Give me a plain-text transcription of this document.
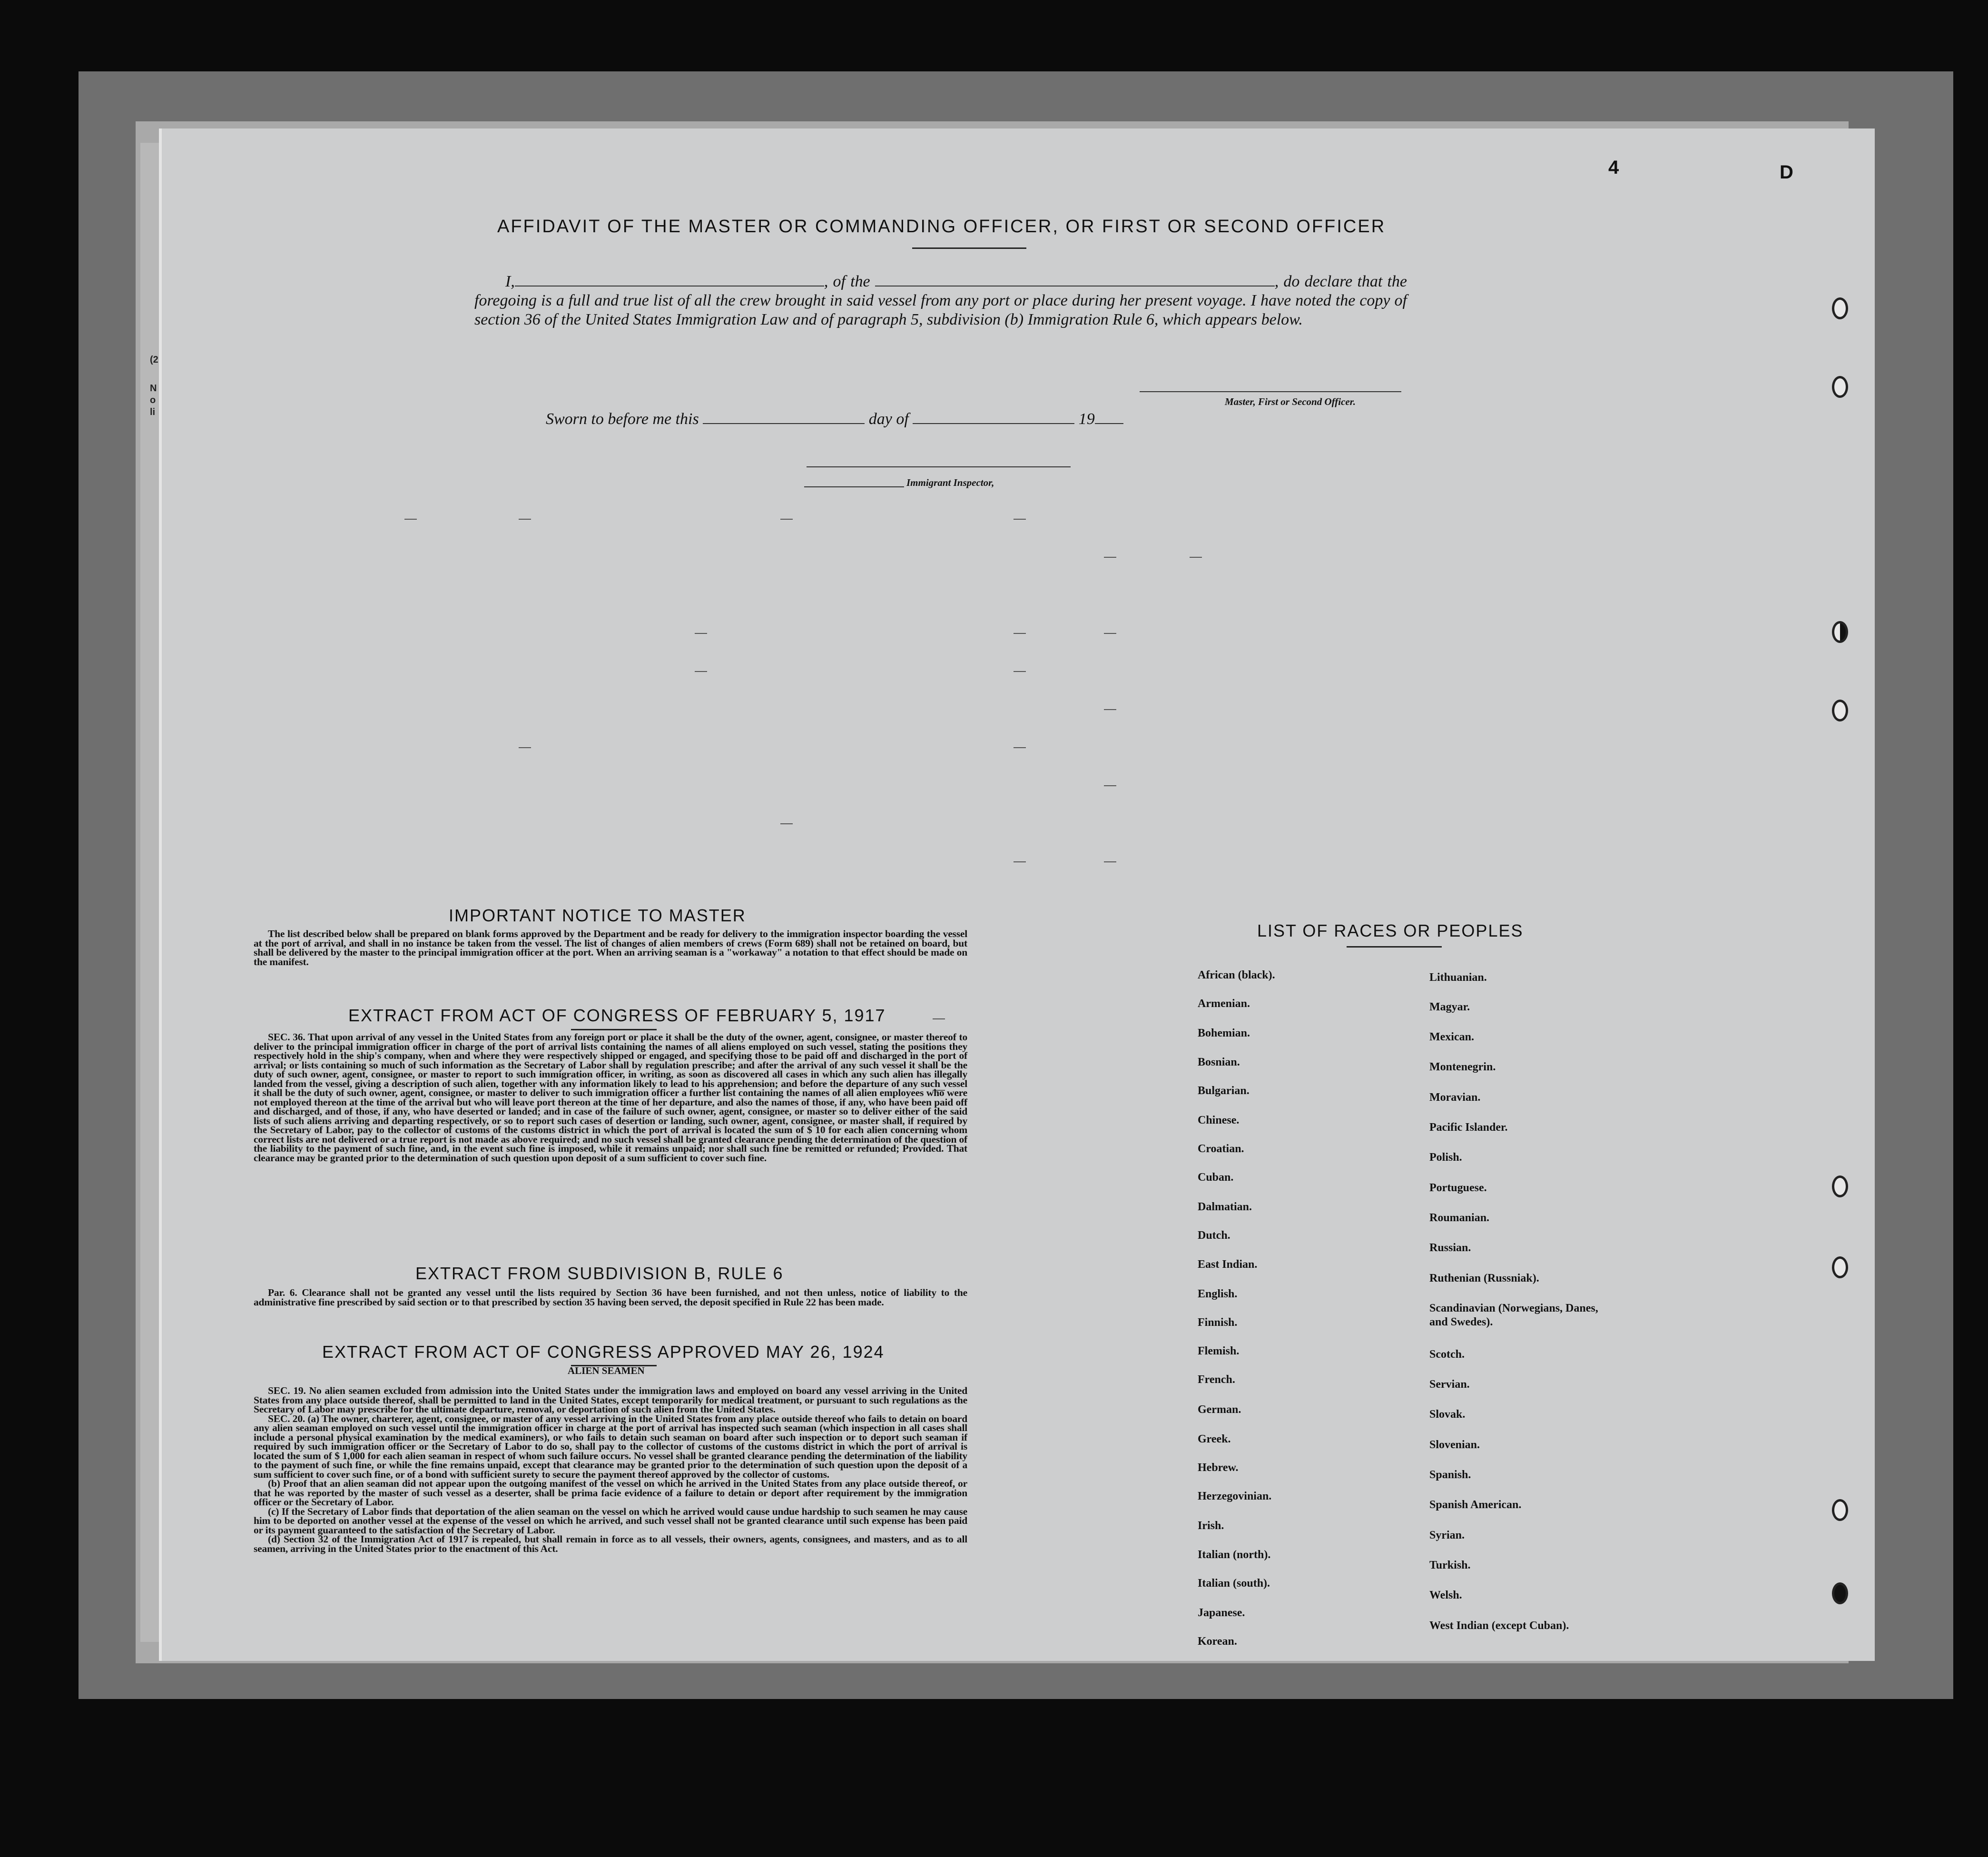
(2
N
o
li
4	D
AFFIDAVIT OF THE MASTER OR COMMANDING OFFICER, OR FIRST OR SECOND OFFICER
I,	, of the	, do declare that the foregoing is a full and true list of all the crew brought in said vessel from any port or place during her present voyage. I have noted the copy of section 36 of the United States Immigration Law and of paragraph 5, subdivision (b) Immigration Rule 6, which appears below.
Master, First or Second Officer.
Sworn to before me this	day of	19
Immigrant Inspector,
IMPORTANT NOTICE TO MASTER

The list described below shall be prepared on blank forms approved by the Department and be ready for delivery to the immigration inspector boarding the vessel at the port of arrival, and shall in no instance be taken from the vessel. The list of changes of alien members of crews (Form 689) shall not be retained on board, but shall be delivered by the master to the principal immigration officer at the port. When an arriving seaman is a "workaway" a notation to that effect should be made on the manifest.

EXTRACT FROM ACT OF CONGRESS OF FEBRUARY 5, 1917

SEC. 36. That upon arrival of any vessel in the United States from any foreign port or place it shall be the duty of the owner, agent, consignee, or master thereof to deliver to the principal immigration officer in charge of the port of arrival lists containing the names of all aliens employed on such vessel, stating the positions they respectively hold in the ship's company, when and where they were respectively shipped or engaged, and specifying those to be paid off and discharged in the port of arrival; or lists containing so much of such information as the Secretary of Labor shall by regulation prescribe; and after the arrival of any such vessel it shall be the duty of such owner, agent, consignee, or master to report to such immigration officer, in writing, as soon as discovered all cases in which any such alien has illegally landed from the vessel, giving a description of such alien, together with any information likely to lead to his apprehension; and before the departure of any such vessel it shall be the duty of such owner, agent, consignee, or master to deliver to such immigration officer a further list containing the names of all alien employees who were not employed thereon at the time of the arrival but who will leave port thereon at the time of her departure, and also the names of those, if any, who have been paid off and discharged, and of those, if any, who have deserted or landed; and in case of the failure of such owner, agent, consignee, or master so to deliver either of the said lists of such aliens arriving and departing respectively, or so to report such cases of desertion or landing, such owner, agent, consignee, or master shall, if required by the Secretary of Labor, pay to the collector of customs of the customs district in which the port of arrival is located the sum of $ 10 for each alien concerning whom correct lists are not delivered or a true report is not made as above required; and no such vessel shall be granted clearance pending the determination of the question of the liability to the payment of such fine, and, in the event such fine is imposed, while it remains unpaid; nor shall such fine be remitted or refunded; Provided. That clearance may be granted prior to the determination of such question upon deposit of a sum sufficient to cover such fine.

EXTRACT FROM SUBDIVISION B, RULE 6

Par. 6. Clearance shall not be granted any vessel until the lists required by Section 36 have been furnished, and not then unless, notice of liability to the administrative fine prescribed by said section or to that prescribed by section 35 having been served, the deposit specified in Rule 22 has been made.

EXTRACT FROM ACT OF CONGRESS APPROVED MAY 26, 1924
ALIEN SEAMEN

SEC. 19. No alien seamen excluded from admission into the United States under the immigration laws and employed on board any vessel arriving in the United States from any place outside thereof, shall be permitted to land in the United States, except temporarily for medical treatment, or pursuant to such regulations as the Secretary of Labor may prescribe for the ultimate departure, removal, or deportation of such alien from the United States.

SEC. 20. (a) The owner, charterer, agent, consignee, or master of any vessel arriving in the United States from any place outside thereof who fails to detain on board any alien seaman employed on such vessel until the immigration officer in charge at the port of arrival has inspected such seaman (which inspection in all cases shall include a personal physical examination by the medical examiners), or who fails to detain such seaman on board after such inspection or to deport such seaman if required by such immigration officer or the Secretary of Labor to do so, shall pay to the collector of customs of the customs district in which the port of arrival is located the sum of $ 1,000 for each alien seaman in respect of whom such failure occurs. No vessel shall be granted clearance pending the determination of the liability to the payment of such fine, or while the fine remains unpaid, except that clearance may be granted prior to the determination of such question upon the deposit of a sum sufficient to cover such fine, or of a bond with sufficient surety to secure the payment thereof approved by the collector of customs.

(b) Proof that an alien seaman did not appear upon the outgoing manifest of the vessel on which he arrived in the United States from any place outside thereof, or that he was reported by the master of such vessel as a deserter, shall be prima facie evidence of a failure to detain or deport after requirement by the immigration officer or the Secretary of Labor.

(c) If the Secretary of Labor finds that deportation of the alien seaman on the vessel on which he arrived would cause undue hardship to such seamen he may cause him to be deported on another vessel at the expense of the vessel on which he arrived, and such vessel shall not be granted clearance until such expense has been paid or its payment guaranteed to the satisfaction of the Secretary of Labor.

(d) Section 32 of the Immigration Act of 1917 is repealed, but shall remain in force as to all vessels, their owners, agents, consignees, and masters, and as to all seamen, arriving in the United States prior to the enactment of this Act.

LIST OF RACES OR PEOPLES
African (black).
Armenian.
Bohemian.
Bosnian.
Bulgarian.
Chinese.
Croatian.
Cuban.
Dalmatian.
Dutch.
East Indian.
English.
Finnish.
Flemish.
French.
German.
Greek.
Hebrew.
Herzegovinian.
Irish.
Italian (north).
Italian (south).
Japanese.
Korean.
Lithuanian.
Magyar.
Mexican.
Montenegrin.
Moravian.
Pacific Islander.
Polish.
Portuguese.
Roumanian.
Russian.
Ruthenian (Russniak).
Scandinavian (Norwegians, Danes, and Swedes).
Scotch.
Servian.
Slovak.
Slovenian.
Spanish.
Spanish American.
Syrian.
Turkish.
Welsh.
West Indian (except Cuban).
